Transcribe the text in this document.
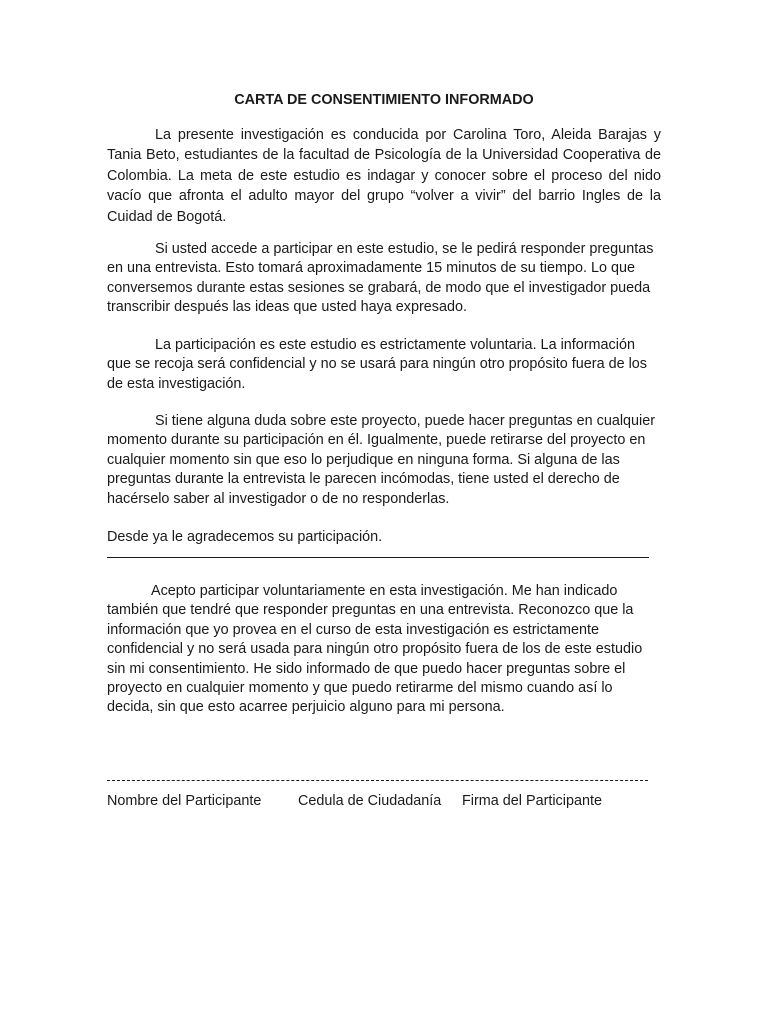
CARTA DE CONSENTIMIENTO INFORMADO
La presente investigación es conducida por Carolina Toro, Aleida Barajas y Tania Beto, estudiantes de la facultad de Psicología de la Universidad Cooperativa de Colombia. La meta de este estudio es indagar y conocer sobre el proceso del nido vacío que afronta el adulto mayor del grupo “volver a vivir” del barrio Ingles de la Cuidad de Bogotá.
Si usted accede a participar en este estudio, se le pedirá responder preguntas en una entrevista. Esto tomará aproximadamente 15 minutos de su tiempo. Lo que conversemos durante estas sesiones se grabará, de modo que el investigador pueda transcribir después las ideas que usted haya expresado.
La participación es este estudio es estrictamente voluntaria. La información que se recoja será confidencial y no se usará para ningún otro propósito fuera de los de esta investigación.
Si tiene alguna duda sobre este proyecto, puede hacer preguntas en cualquier momento durante su participación en él. Igualmente, puede retirarse del proyecto en cualquier momento sin que eso lo perjudique en ninguna forma. Si alguna de las preguntas durante la entrevista le parecen incómodas, tiene usted el derecho de hacérselo saber al investigador o de no responderlas.
Desde ya le agradecemos su participación.
Acepto participar voluntariamente en esta investigación. Me han indicado también que tendré que responder preguntas en una entrevista. Reconozco que la información que yo provea en el curso de esta investigación es estrictamente confidencial y no será usada para ningún otro propósito fuera de los de este estudio sin mi consentimiento. He sido informado de que puedo hacer preguntas sobre el proyecto en cualquier momento y que puedo retirarme del mismo cuando así lo decida, sin que esto acarree perjuicio alguno para mi persona.
Nombre del Participante	Cedula de Ciudadanía Firma del Participante
